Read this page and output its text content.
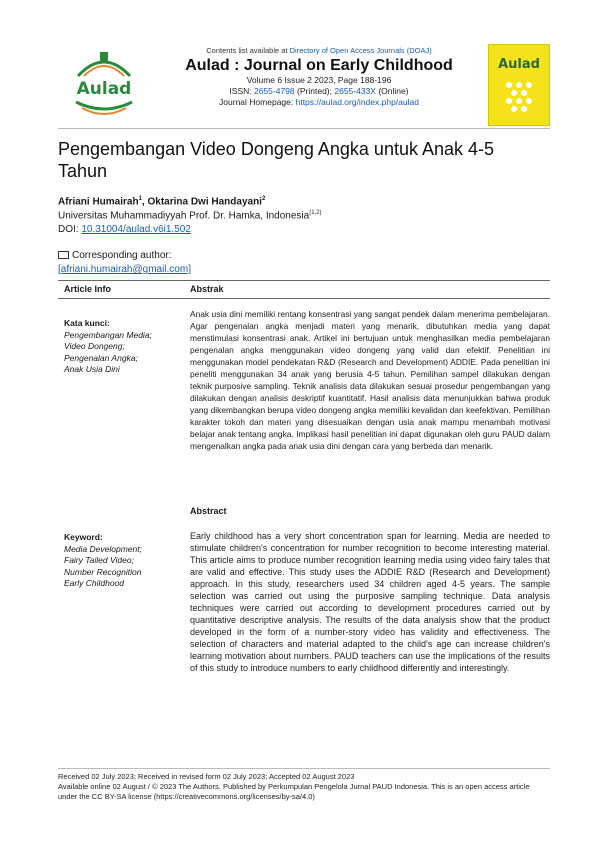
Aulad
Contents list available at Directory of Open Access Journals (DOAJ)
Aulad : Journal on Early Childhood
Volume 6 Issue 2 2023, Page 188-196
ISSN: 2655-4798 (Printed); 2655-433X (Online)
Journal Homepage: https://aulad.org/index.php/aulad
Aulad
Pengembangan Video Dongeng Angka untuk Anak 4-5
Tahun
Afriani Humairah$^1$, Oktarina Dwi Handayani$^2$
Universitas Muhammadiyyah Prof. Dr. Hamka, Indonesia$^{(1,2)}$
DOI: 10.31004/aulad.v6i1.502
Corresponding author:
[afriani.humairah@gmail.com]
Article Info	Abstrak
Kata kunci:
Pengembangan Media;
Video Dongeng;
Pengenalan Angka;
Anak Usia Dini
Anak usia dini memiliki rentang konsentrasi yang sangat pendek dalam menerima pembelajaran. Agar pengenalan angka menjadi materi yang menarik, dibutuhkan media yang dapat menstimulasi konsentrasi anak. Artikel ini bertujuan untuk menghasilkan media pembelajaran pengenalan angka menggunakan video dongeng yang valid dan efektif. Penelitian ini menggunakan model pendekatan R&D (Research and Development) ADDIE. Pada penelitian ini peneliti menggunakan 34 anak yang berusia 4-5 tahun. Pemilihan sampel dilakukan dengan teknik purposive sampling. Teknik analisis data dilakukan sesuai prosedur pengembangan yang dilakukan dengan analisis deskriptif kuantitatif. Hasil analisis data menunjukkan bahwa produk yang dikembangkan berupa video dongeng angka memiliki kevalidan dan keefektivan. Pemilihan karakter tokoh dan materi yang disesuaikan dengan usia anak mampu menambah motivasi belajar anak tentang angka. Implikasi hasil penelitian ini dapat digunakan oleh guru PAUD dalam mengenalkan angka pada anak usia dini dengan cara yang berbeda dan menarik.
Abstract
Keyword:
Media Development;
Fairy Tailed Video;
Number Recognition
Early Childhood
Early childhood has a very short concentration span for learning. Media are needed to stimulate children's concentration for number recognition to become interesting material. This article aims to produce number recognition learning media using video fairy tales that are valid and effective. This study uses the ADDIE R&D (Research and Development) approach. In this study, researchers used 34 children aged 4-5 years. The sample selection was carried out using the purposive sampling technique. Data analysis techniques were carried out according to development procedures carried out by quantitative descriptive analysis. The results of the data analysis show that the product developed in the form of a number-story video has validity and effectiveness. The selection of characters and material adapted to the child's age can increase children's learning motivation about numbers. PAUD teachers can use the implications of the results of this study to introduce numbers to early childhood differently and interestingly.
Received 02 July 2023; Received in revised form 02 July 2023; Accepted 02 August 2023
Available online 02 August / © 2023 The Authors. Published by Perkumpulan Pengelola Jurnal PAUD Indonesia. This is an open access article under the CC BY-SA license (https://creativecommons.org/licenses/by-sa/4.0)
